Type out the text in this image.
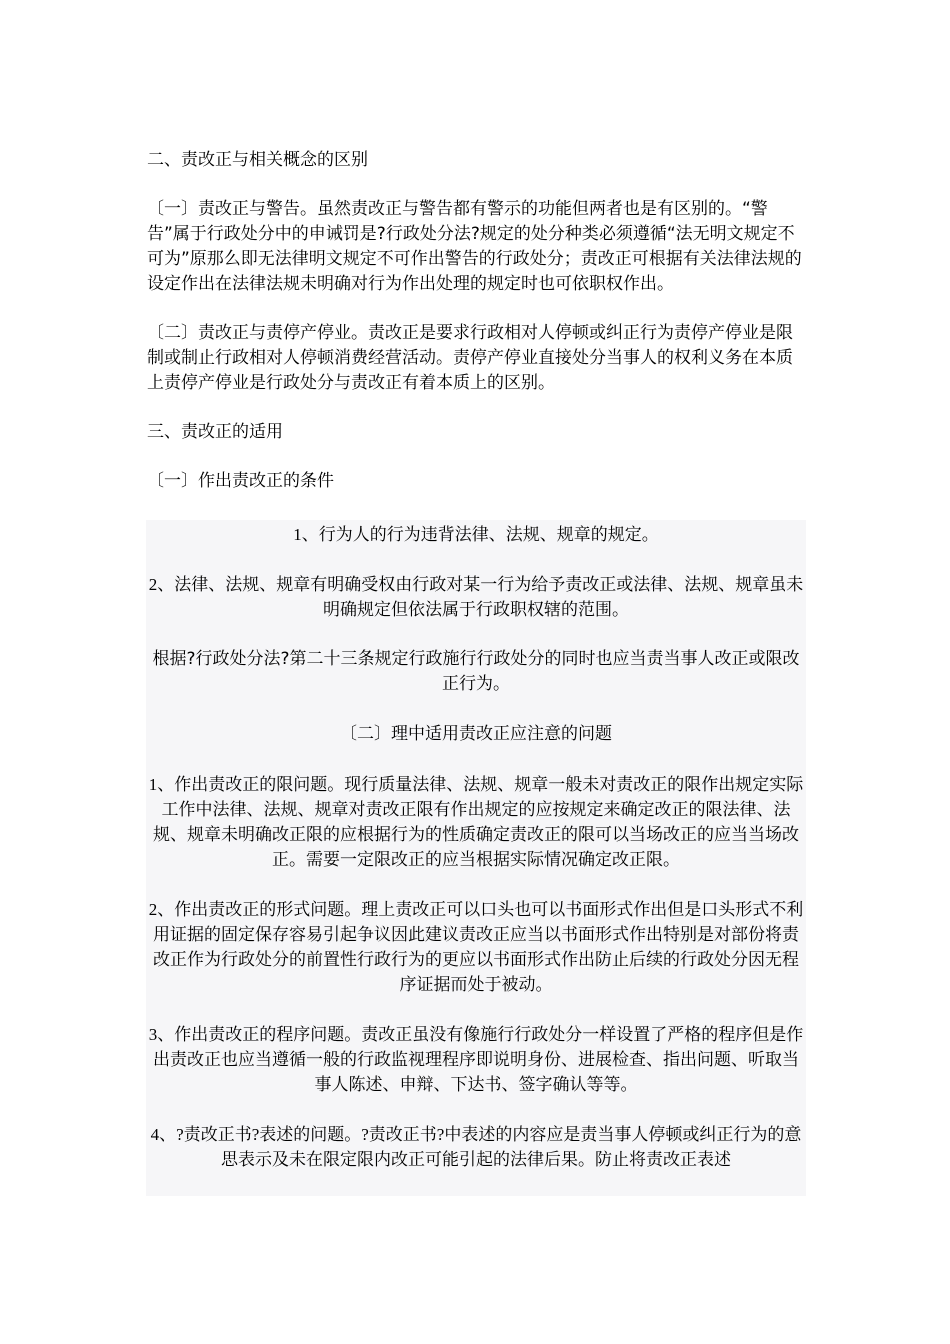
二、责改正与相关概念的区别

〔一〕责改正与警告。虽然责改正与警告都有警示的功能但两者也是有区别的。“警告”属于行政处分中的申诫罚是?行政处分法?规定的处分种类必须遵循“法无明文规定不可为”原那么即无法律明文规定不可作出警告的行政处分；责改正可根据有关法律法规的设定作出在法律法规未明确对行为作出处理的规定时也可依职权作出。

〔二〕责改正与责停产停业。责改正是要求行政相对人停顿或纠正行为责停产停业是限制或制止行政相对人停顿消费经营活动。责停产停业直接处分当事人的权利义务在本质上责停产停业是行政处分与责改正有着本质上的区别。

三、责改正的适用

〔一〕作出责改正的条件

1、行为人的行为违背法律、法规、规章的规定。

2、法律、法规、规章有明确受权由行政对某一行为给予责改正或法律、法规、规章虽未明确规定但依法属于行政职权辖的范围。

根据?行政处分法?第二十三条规定行政施行行政处分的同时也应当责当事人改正或限改正行为。

〔二〕理中适用责改正应注意的问题

1、作出责改正的限问题。现行质量法律、法规、规章一般未对责改正的限作出规定实际工作中法律、法规、规章对责改正限有作出规定的应按规定来确定改正的限法律、法规、规章未明确改正限的应根据行为的性质确定责改正的限可以当场改正的应当当场改正。需要一定限改正的应当根据实际情况确定改正限。

2、作出责改正的形式问题。理上责改正可以口头也可以书面形式作出但是口头形式不利用证据的固定保存容易引起争议因此建议责改正应当以书面形式作出特别是对部份将责改正作为行政处分的前置性行政行为的更应以书面形式作出防止后续的行政处分因无程序证据而处于被动。

3、作出责改正的程序问题。责改正虽没有像施行行政处分一样设置了严格的程序但是作出责改正也应当遵循一般的行政监视理程序即说明身份、进展检查、指出问题、听取当事人陈述、申辩、下达书、签字确认等等。

4、?责改正书?表述的问题。?责改正书?中表述的内容应是责当事人停顿或纠正行为的意思表示及未在限定限内改正可能引起的法律后果。防止将责改正表述
